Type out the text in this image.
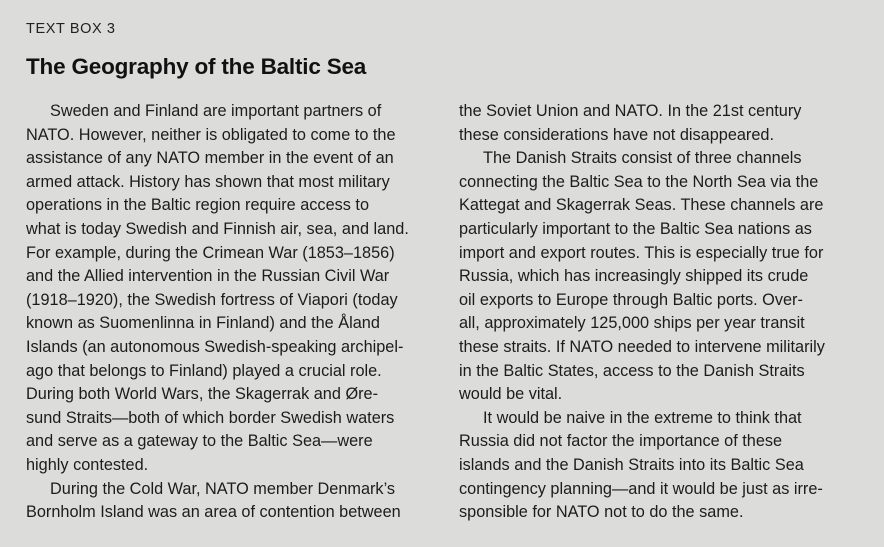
TEXT BOX 3
The Geography of the Baltic Sea
Sweden and Finland are important partners of
NATO. However, neither is obligated to come to the
assistance of any NATO member in the event of an
armed attack. History has shown that most military
operations in the Baltic region require access to
what is today Swedish and Finnish air, sea, and land.
For example, during the Crimean War (1853–1856)
and the Allied intervention in the Russian Civil War
(1918–1920), the Swedish fortress of Viapori (today
known as Suomenlinna in Finland) and the Åland
Islands (an autonomous Swedish-speaking archipel-
ago that belongs to Finland) played a crucial role.
During both World Wars, the Skagerrak and Øre-
sund Straits—both of which border Swedish waters
and serve as a gateway to the Baltic Sea—were
highly contested.
During the Cold War, NATO member Denmark’s
Bornholm Island was an area of contention between
the Soviet Union and NATO. In the 21st century
these considerations have not disappeared.
The Danish Straits consist of three channels
connecting the Baltic Sea to the North Sea via the
Kattegat and Skagerrak Seas. These channels are
particularly important to the Baltic Sea nations as
import and export routes. This is especially true for
Russia, which has increasingly shipped its crude
oil exports to Europe through Baltic ports. Over-
all, approximately 125,000 ships per year transit
these straits. If NATO needed to intervene militarily
in the Baltic States, access to the Danish Straits
would be vital.
It would be naive in the extreme to think that
Russia did not factor the importance of these
islands and the Danish Straits into its Baltic Sea
contingency planning—and it would be just as irre-
sponsible for NATO not to do the same.
